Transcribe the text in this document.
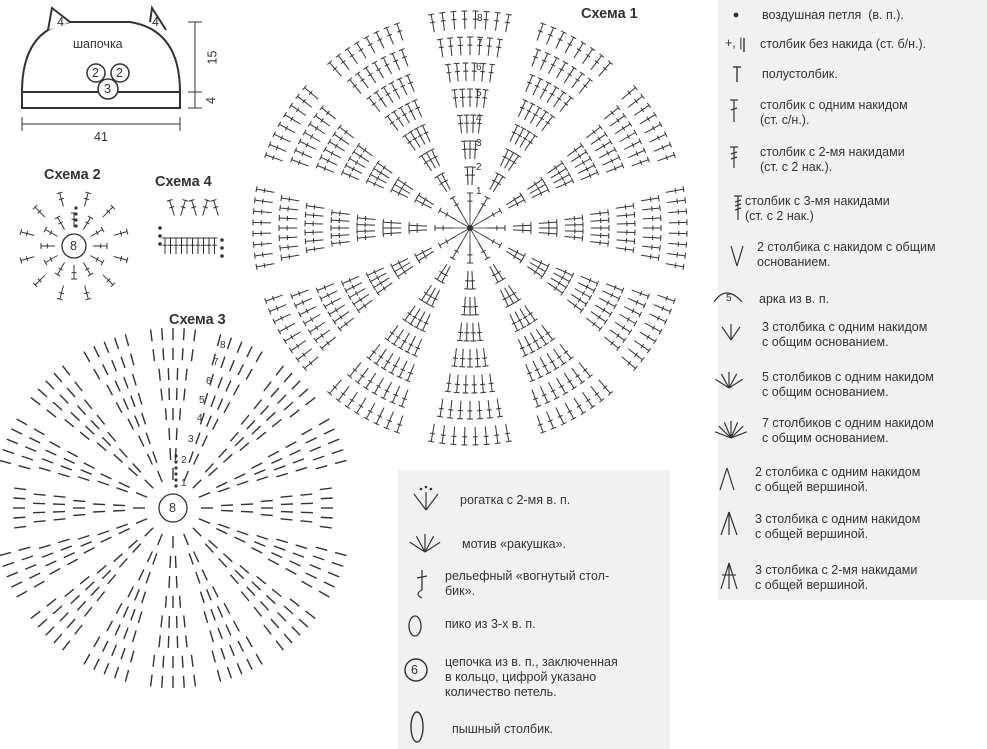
шапочка
4	4
2 2
3
15
4
41
Схема 1
Схема 2	Схема 4
Схема 3
8
7
6
5
4
3
2
1
8
8
8
7
6
5
4
3
2
1
воздушная петля  (в. п.).
+, | столбик без накида (ст. б/н.).
полустолбик.
столбик с одним накидом
(ст. с/н.).
столбик с 2-мя накидами
(ст. с 2 нак.).
столбик с 3-мя накидами
(ст. с 2 нак.)
2 столбика с накидом с общим
основанием.
5 арка из в. п.
3 столбика с одним накидом
с общим основанием.
5 столбиков с одним накидом
с общим основанием.
7 столбиков с одним накидом
с общим основанием.
2 столбика с одним накидом
с общей вершиной.
3 столбика с одним накидом
с общей вершиной.
3 столбика с 2-мя накидами
с общей вершиной.
рогатка с 2-мя в. п.
мотив «ракушка».
рельефный «вогнутый стол-
бик».
пико из 3-х в. п.
6
цепочка из в. п., заключенная
в кольцо, цифрой указано
количество петель.
пышный столбик.
